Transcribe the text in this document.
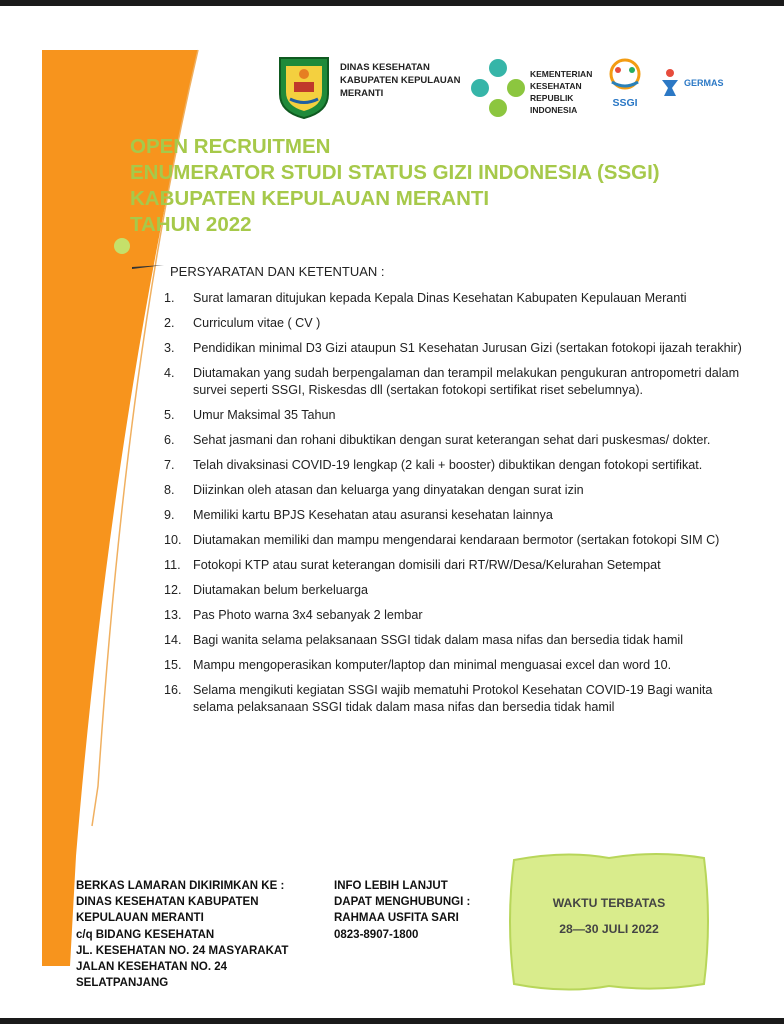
DINAS KESEHATAN
KABUPATEN KEPULAUAN
MERANTI
KEMENTERIAN
KESEHATAN
REPUBLIK
INDONESIA
SSGI
GERMAS
OPEN RECRUITMEN
ENUMERATOR STUDI STATUS GIZI INDONESIA (SSGI)
KABUPATEN KEPULAUAN MERANTI
TAHUN 2022
PERSYARATAN DAN KETENTUAN :
1. Surat lamaran ditujukan kepada Kepala Dinas Kesehatan Kabupaten Kepulauan Meranti
2. Curriculum vitae ( CV )
3. Pendidikan minimal D3 Gizi ataupun S1 Kesehatan Jurusan Gizi (sertakan fotokopi ijazah terakhir)
4. Diutamakan yang sudah berpengalaman dan terampil melakukan pengukuran antropometri dalam survei seperti SSGI, Riskesdas dll (sertakan fotokopi sertifikat riset sebelumnya).
5. Umur Maksimal 35 Tahun
6. Sehat jasmani dan rohani dibuktikan dengan surat keterangan sehat dari puskesmas/ dokter.
7. Telah divaksinasi COVID-19 lengkap (2 kali + booster) dibuktikan dengan fotokopi sertifikat.
8. Diizinkan oleh atasan dan keluarga yang dinyatakan dengan surat izin
9. Memiliki kartu BPJS Kesehatan atau asuransi kesehatan lainnya
10. Diutamakan memiliki dan mampu mengendarai kendaraan bermotor (sertakan fotokopi SIM C)
11. Fotokopi KTP atau surat keterangan domisili dari RT/RW/Desa/Kelurahan Setempat
12. Diutamakan belum berkeluarga
13. Pas Photo warna 3x4 sebanyak 2 lembar
14. Bagi wanita selama pelaksanaan SSGI tidak dalam masa nifas dan bersedia tidak hamil
15. Mampu mengoperasikan komputer/laptop dan minimal menguasai excel dan word 10.
16. Selama mengikuti kegiatan SSGI wajib mematuhi Protokol Kesehatan COVID-19 Bagi wanita selama pelaksanaan SSGI tidak dalam masa nifas dan bersedia tidak hamil
BERKAS LAMARAN DIKIRIMKAN KE :
DINAS KESEHATAN KABUPATEN
KEPULAUAN MERANTI
c/q BIDANG KESEHATAN
JL. KESEHATAN NO. 24 MASYARAKAT
JALAN KESEHATAN NO. 24
SELATPANJANG
INFO LEBIH LANJUT
DAPAT MENGHUBUNGI :
RAHMAA USFITA SARI
0823-8907-1800
WAKTU TERBATAS
28—30 JULI 2022
